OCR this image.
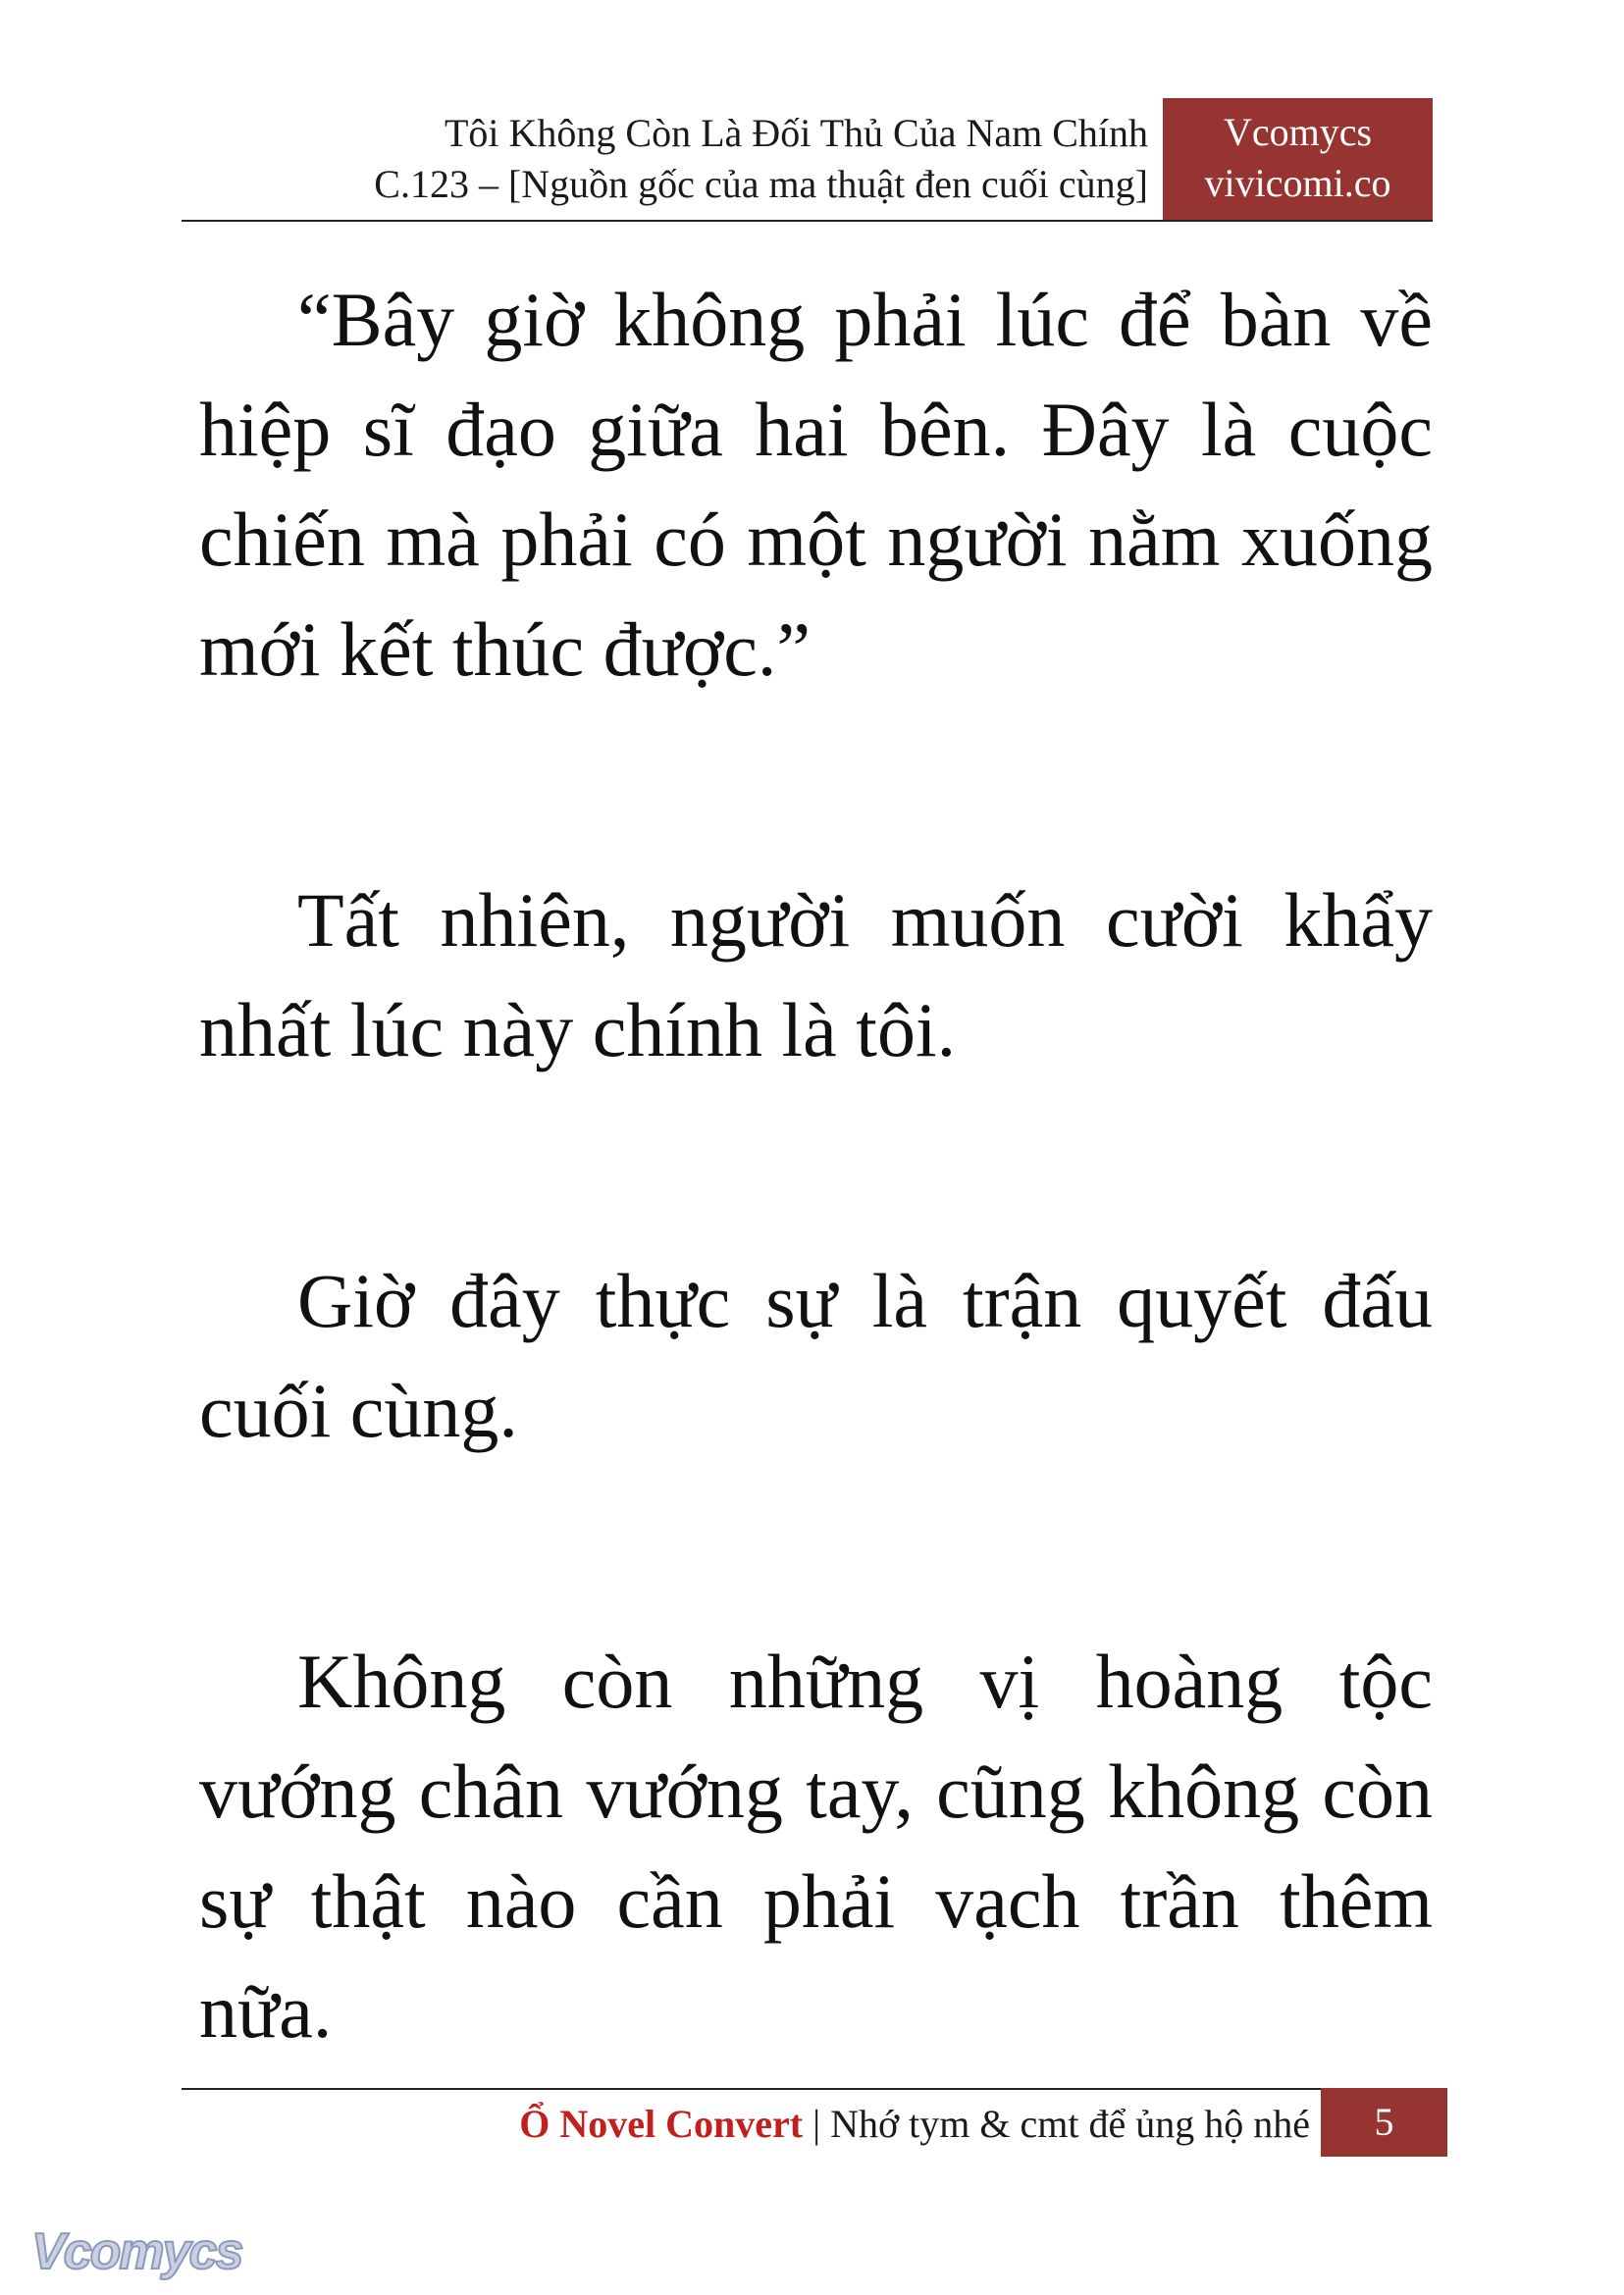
Tôi Không Còn Là Đối Thủ Của Nam Chính
C.123 – [Nguồn gốc của ma thuật đen cuối cùng]
Vcomycs
vivicomi.co

“Bây giờ không phải lúc để bàn về hiệp sĩ đạo giữa hai bên. Đây là cuộc chiến mà phải có một người nằm xuống mới kết thúc được.”

Tất nhiên, người muốn cười khẩy nhất lúc này chính là tôi.

Giờ đây thực sự là trận quyết đấu cuối cùng.

Không còn những vị hoàng tộc vướng chân vướng tay, cũng không còn sự thật nào cần phải vạch trần thêm nữa.

Ổ Novel Convert | Nhớ tym & cmt để ủng hộ nhé	5
Vcomycs
